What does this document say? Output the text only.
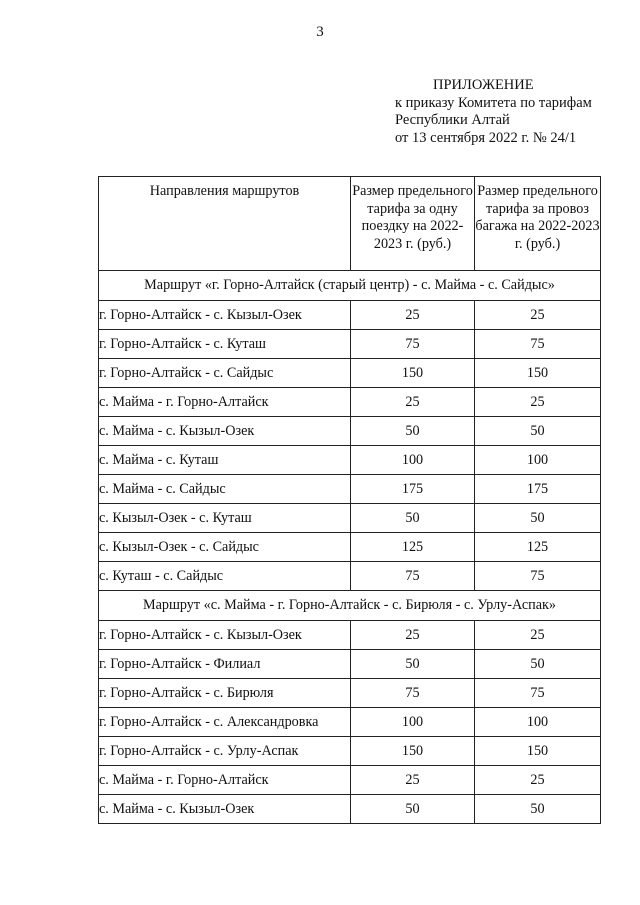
3
ПРИЛОЖЕНИЕ
к приказу Комитета по тарифам
Республики Алтай
от 13 сентября 2022 г. № 24/1
Направления маршрутов	Размер предельного тарифа за одну поездку на 2022-2023 г. (руб.)	Размер предельного тарифа за провоз багажа на 2022-2023 г. (руб.)
Маршрут «г. Горно-Алтайск (старый центр) - с. Майма - с. Сайдыс»		
г. Горно-Алтайск - с. Кызыл-Озек	25	25
г. Горно-Алтайск - с. Куташ	75	75
г. Горно-Алтайск - с. Сайдыс	150	150
с. Майма - г. Горно-Алтайск	25	25
с. Майма - с. Кызыл-Озек	50	50
с. Майма - с. Куташ	100	100
с. Майма - с. Сайдыс	175	175
с. Кызыл-Озек - с. Куташ	50	50
с. Кызыл-Озек - с. Сайдыс	125	125
с. Куташ - с. Сайдыс	75	75
Маршрут «с. Майма - г. Горно-Алтайск - с. Бирюля - с. Урлу-Аспак»		
г. Горно-Алтайск - с. Кызыл-Озек	25	25
г. Горно-Алтайск - Филиал	50	50
г. Горно-Алтайск - с. Бирюля	75	75
г. Горно-Алтайск - с. Александровка	100	100
г. Горно-Алтайск - с. Урлу-Аспак	150	150
с. Майма - г. Горно-Алтайск	25	25
с. Майма - с. Кызыл-Озек	50	50
